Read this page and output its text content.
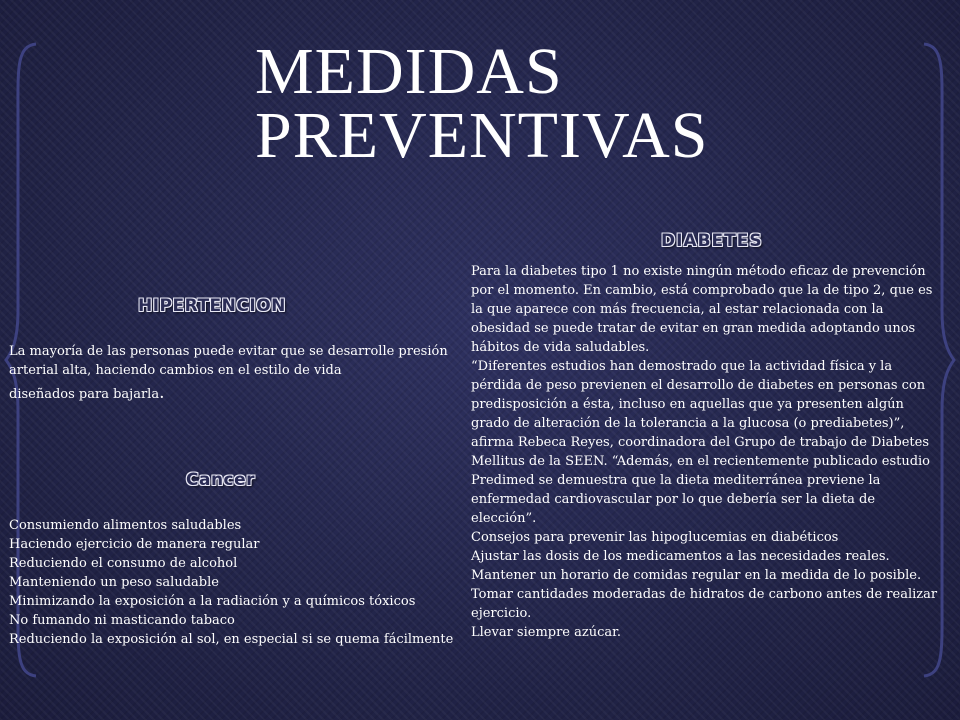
MEDIDAS
PREVENTIVAS
HIPERTENCION
La mayoría de las personas puede evitar que se desarrolle presión arterial alta, haciendo cambios en el estilo de vida
diseñados para bajarla.
Cancer
Consumiendo alimentos saludables
Haciendo ejercicio de manera regular
Reduciendo el consumo de alcohol
Manteniendo un peso saludable
Minimizando la exposición a la radiación y a químicos tóxicos
No fumando ni masticando tabaco
Reduciendo la exposición al sol, en especial si se quema fácilmente
DIABETES
Para la diabetes tipo 1 no existe ningún método eficaz de prevención por el momento. En cambio, está comprobado que la de tipo 2, que es la que aparece con más frecuencia, al estar relacionada con la obesidad se puede tratar de evitar en gran medida adoptando unos hábitos de vida saludables.
“Diferentes estudios han demostrado que la actividad física y la pérdida de peso previenen el desarrollo de diabetes en personas con predisposición a ésta, incluso en aquellas que ya presenten algún grado de alteración de la tolerancia a la glucosa (o prediabetes)”, afirma Rebeca Reyes, coordinadora del Grupo de trabajo de Diabetes Mellitus de la SEEN. “Además, en el recientemente publicado estudio Predimed se demuestra que la dieta mediterránea previene la enfermedad cardiovascular por lo que debería ser la dieta de elección”.
Consejos para prevenir las hipoglucemias en diabéticos
Ajustar las dosis de los medicamentos a las necesidades reales.
Mantener un horario de comidas regular en la medida de lo posible.
Tomar cantidades moderadas de hidratos de carbono antes de realizar ejercicio.
Llevar siempre azúcar.
